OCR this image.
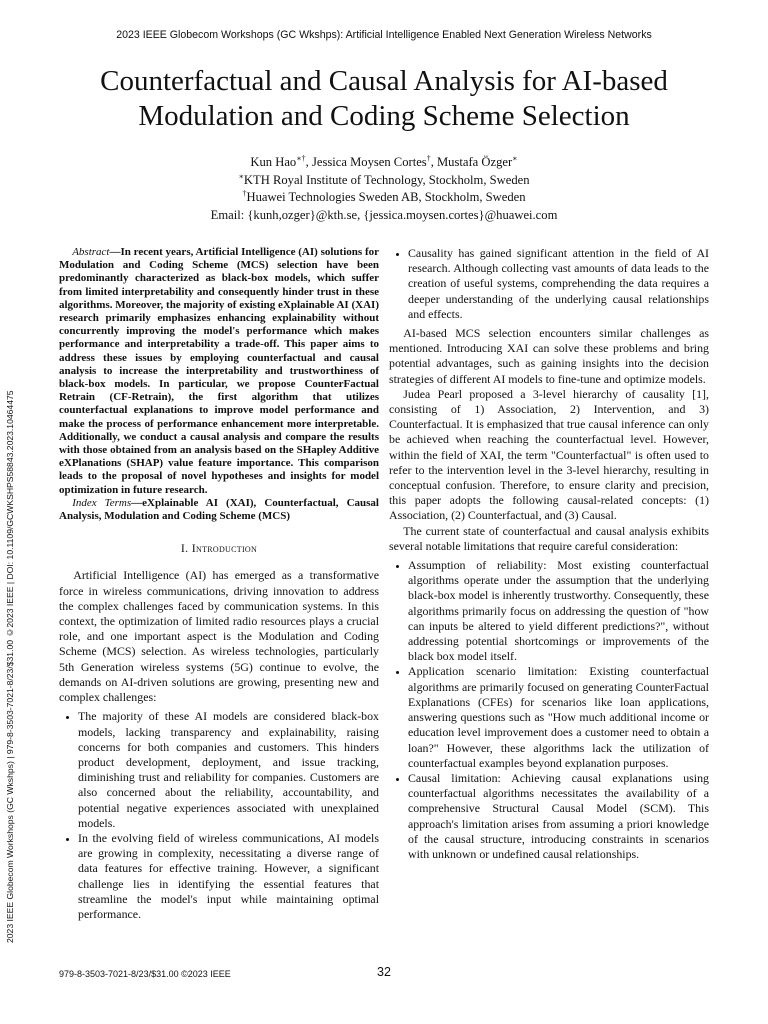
2023 IEEE Globecom Workshops (GC Wkshps): Artificial Intelligence Enabled Next Generation Wireless Networks
Counterfactual and Causal Analysis for AI-based Modulation and Coding Scheme Selection
Kun Hao∗†, Jessica Moysen Cortes†, Mustafa Özger∗
∗KTH Royal Institute of Technology, Stockholm, Sweden
†Huawei Technologies Sweden AB, Stockholm, Sweden
Email: {kunh,ozger}@kth.se, {jessica.moysen.cortes}@huawei.com
2023 IEEE Globecom Workshops (GC Wkshps) | 979-8-3503-7021-8/23/$31.00 ©2023 IEEE | DOI: 10.1109/GCWKSHPS58843.2023.10464475

Abstract—In recent years, Artificial Intelligence (AI) solutions for Modulation and Coding Scheme (MCS) selection have been predominantly characterized as black-box models, which suffer from limited interpretability and consequently hinder trust in these algorithms. Moreover, the majority of existing eXplainable AI (XAI) research primarily emphasizes enhancing explainability without concurrently improving the model's performance which makes performance and interpretability a trade-off. This paper aims to address these issues by employing counterfactual and causal analysis to increase the interpretability and trustworthiness of black-box models. In particular, we propose CounterFactual Retrain (CF-Retrain), the first algorithm that utilizes counterfactual explanations to improve model performance and make the process of performance enhancement more interpretable. Additionally, we conduct a causal analysis and compare the results with those obtained from an analysis based on the SHapley Additive eXPlanations (SHAP) value feature importance. This comparison leads to the proposal of novel hypotheses and insights for model optimization in future research.

Index Terms—eXplainable AI (XAI), Counterfactual, Causal Analysis, Modulation and Coding Scheme (MCS)

I. Introduction

Artificial Intelligence (AI) has emerged as a transformative force in wireless communications, driving innovation to address the complex challenges faced by communication systems. In this context, the optimization of limited radio resources plays a crucial role, and one important aspect is the Modulation and Coding Scheme (MCS) selection. As wireless technologies, particularly 5th Generation wireless systems (5G) continue to evolve, the demands on AI-driven solutions are growing, presenting new and complex challenges:

• The majority of these AI models are considered black-box models, lacking transparency and explainability, raising concerns for both companies and customers. This hinders product development, deployment, and issue tracking, diminishing trust and reliability for companies. Customers are also concerned about the reliability, accountability, and potential negative experiences associated with unexplained models.
• In the evolving field of wireless communications, AI models are growing in complexity, necessitating a diverse range of data features for effective training. However, a significant challenge lies in identifying the essential features that streamline the model's input while maintaining optimal performance.
• Causality has gained significant attention in the field of AI research. Although collecting vast amounts of data leads to the creation of useful systems, comprehending the data requires a deeper understanding of the underlying causal relationships and effects.

AI-based MCS selection encounters similar challenges as mentioned. Introducing XAI can solve these problems and bring potential advantages, such as gaining insights into the decision strategies of different AI models to fine-tune and optimize models.

Judea Pearl proposed a 3-level hierarchy of causality [1], consisting of 1) Association, 2) Intervention, and 3) Counterfactual. It is emphasized that true causal inference can only be achieved when reaching the counterfactual level. However, within the field of XAI, the term "Counterfactual" is often used to refer to the intervention level in the 3-level hierarchy, resulting in conceptual confusion. Therefore, to ensure clarity and precision, this paper adopts the following causal-related concepts: (1) Association, (2) Counterfactual, and (3) Causal.

The current state of counterfactual and causal analysis exhibits several notable limitations that require careful consideration:

• Assumption of reliability: Most existing counterfactual algorithms operate under the assumption that the underlying black-box model is inherently trustworthy. Consequently, these algorithms primarily focus on addressing the question of "how can inputs be altered to yield different predictions?", without addressing potential shortcomings or improvements of the black box model itself.
• Application scenario limitation: Existing counterfactual algorithms are primarily focused on generating CounterFactual Explanations (CFEs) for scenarios like loan applications, answering questions such as "How much additional income or education level improvement does a customer need to obtain a loan?" However, these algorithms lack the utilization of counterfactual examples beyond explanation purposes.
• Causal limitation: Achieving causal explanations using counterfactual algorithms necessitates the availability of a comprehensive Structural Causal Model (SCM). This approach's limitation arises from assuming a priori knowledge of the causal structure, introducing constraints in scenarios with unknown or undefined causal relationships.
979-8-3503-7021-8/23/$31.00 ©2023 IEEE	32
